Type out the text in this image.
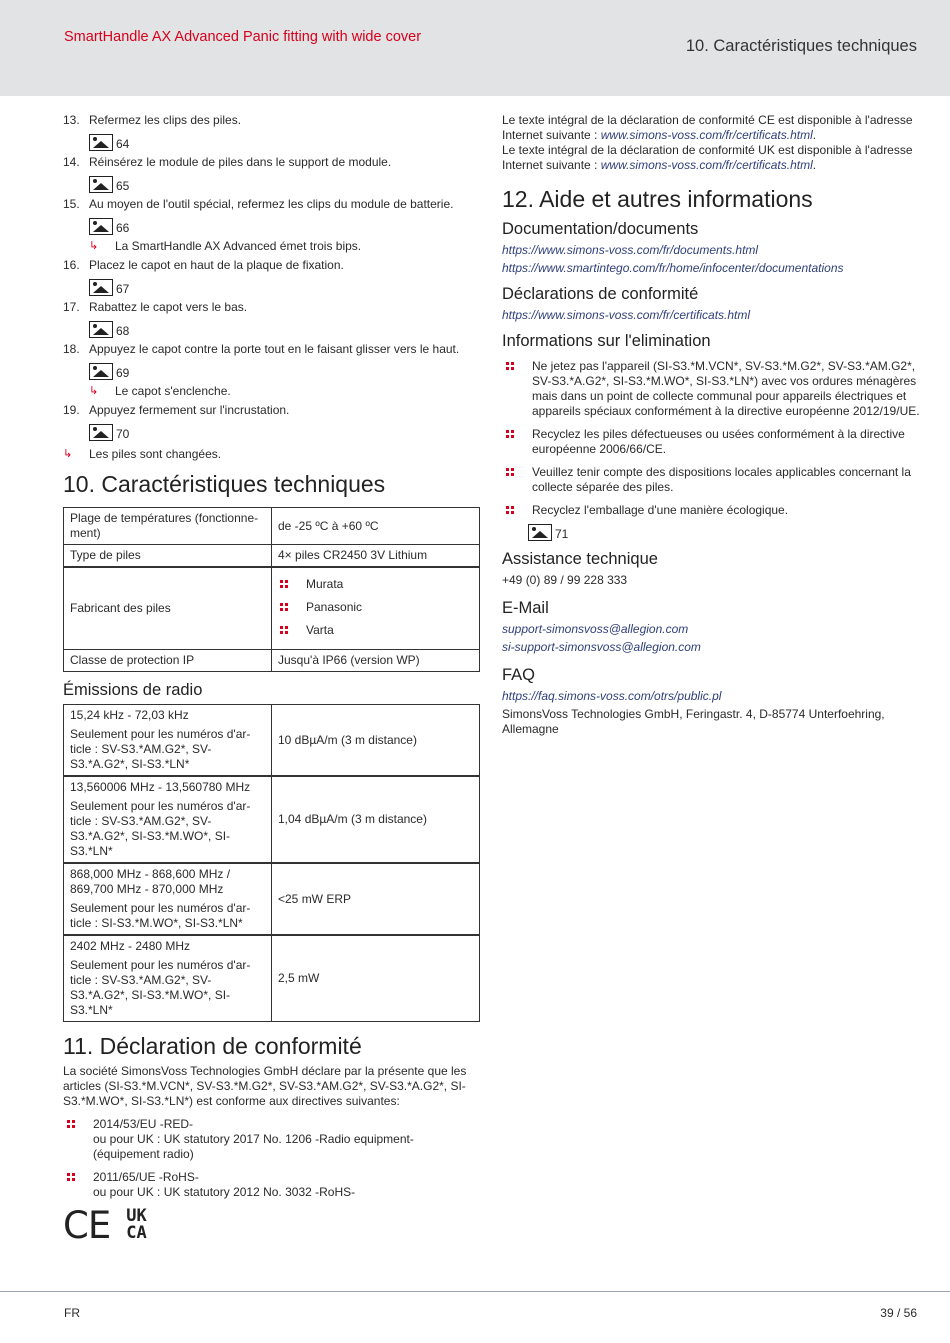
SmartHandle AX Advanced Panic fitting with wide cover	10. Caractéristiques techniques
13. Refermez les clips des piles.
64
14. Réinsérez le module de piles dans le support de module.
65
15. Au moyen de l'outil spécial, refermez les clips du module de batterie.
66
↳	La SmartHandle AX Advanced émet trois bips.
16. Placez le capot en haut de la plaque de fixation.
67
17. Rabattez le capot vers le bas.
68
18. Appuyez le capot contre la porte tout en le faisant glisser vers le haut.
69
↳	Le capot s'enclenche.
19. Appuyez fermement sur l'incrustation.
70
↳	Les piles sont changées.
10. Caractéristiques techniques
Plage de températures (fonctionne-ment)	de -25 ºC à +60 ºC
Type de piles	4× piles CR2450 3V Lithium
Fabricant des piles	Murata
Panasonic
Varta

Classe de protection IP	Jusqu'à IP66 (version WP)
Émissions de radio
15,24 kHz - 72,03 kHz
Seulement pour les numéros d'ar-ticle : SV-S3.*AM.G2*, SV-S3.*A.G2*, SI-S3.*LN*	10 dBµA/m (3 m distance)

13,560006 MHz - 13,560780 MHz
Seulement pour les numéros d'ar-ticle : SV-S3.*AM.G2*, SV-S3.*A.G2*, SI-S3.*M.WO*, SI-S3.*LN*	1,04 dBµA/m (3 m distance)

868,000 MHz - 868,600 MHz / 869,700 MHz - 870,000 MHz
Seulement pour les numéros d'ar-ticle : SI-S3.*M.WO*, SI-S3.*LN*	<25 mW ERP

2402 MHz - 2480 MHz
Seulement pour les numéros d'ar-ticle : SV-S3.*AM.G2*, SV-S3.*A.G2*, SI-S3.*M.WO*, SI-S3.*LN*	2,5 mW
11. Déclaration de conformité
La société SimonsVoss Technologies GmbH déclare par la présente que les articles (SI-S3.*M.VCN*, SV-S3.*M.G2*, SV-S3.*AM.G2*, SV-S3.*A.G2*, SI-S3.*M.WO*, SI-S3.*LN*) est conforme aux directives suivantes:
2014/53/EU -RED-
ou pour UK : UK statutory 2017 No. 1206 -Radio equipment- (équipement radio)
2011/65/UE -RoHS-
ou pour UK : UK statutory 2012 No. 3032 -RoHS-
CE UK
CA
Le texte intégral de la déclaration de conformité CE est disponible à l'adresse Internet suivante : www.simons-voss.com/fr/certificats.html.
Le texte intégral de la déclaration de conformité UK est disponible à l'adresse Internet suivante : www.simons-voss.com/fr/certificats.html.
12. Aide et autres informations
Documentation/documents
https://www.simons-voss.com/fr/documents.html
https://www.smartintego.com/fr/home/infocenter/documentations
Déclarations de conformité
https://www.simons-voss.com/fr/certificats.html
Informations sur l'elimination
Ne jetez pas l'appareil (SI-S3.*M.VCN*, SV-S3.*M.G2*, SV-S3.*AM.G2*, SV-S3.*A.G2*, SI-S3.*M.WO*, SI-S3.*LN*) avec vos ordures ménagères mais dans un point de collecte communal pour appareils électriques et appareils spéciaux conformément à la directive européenne 2012/19/UE.
Recyclez les piles défectueuses ou usées conformément à la directive européenne 2006/66/CE.
Veuillez tenir compte des dispositions locales applicables concernant la collecte séparée des piles.
Recyclez l'emballage d'une manière écologique.
71
Assistance technique
+49 (0) 89 / 99 228 333
E-Mail
support-simonsvoss@allegion.com
si-support-simonsvoss@allegion.com
FAQ
https://faq.simons-voss.com/otrs/public.pl
SimonsVoss Technologies GmbH, Feringastr. 4, D-85774 Unterfoehring, Allemagne
FR	39 / 56
